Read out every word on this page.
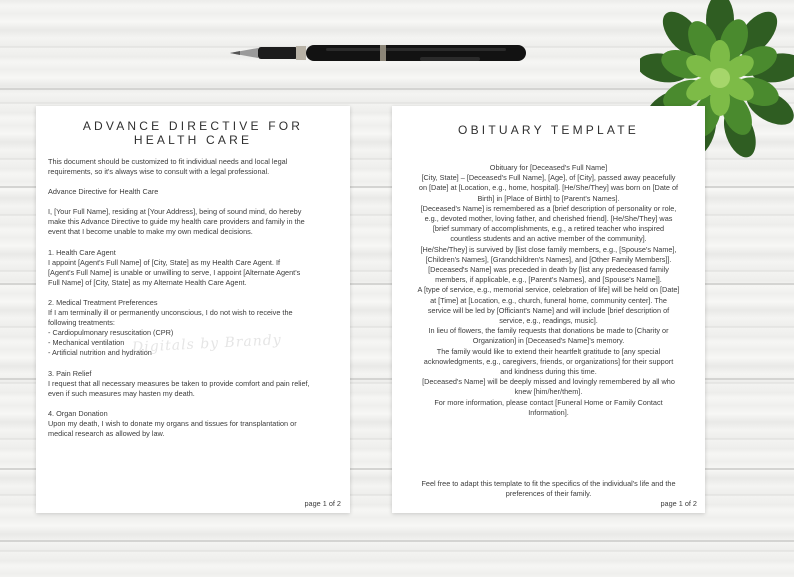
ADVANCE DIRECTIVE FOR
HEALTH CARE

This document should be customized to fit individual needs and local legal
requirements, so it's always wise to consult with a legal professional.

Advance Directive for Health Care

I, [Your Full Name], residing at [Your Address], being of sound mind, do hereby
make this Advance Directive to guide my health care providers and family in the
event that I become unable to make my own medical decisions.

1. Health Care Agent

I appoint [Agent's Full Name] of [City, State] as my Health Care Agent. If
[Agent's Full Name] is unable or unwilling to serve, I appoint [Alternate Agent's
Full Name] of [City, State] as my Alternate Health Care Agent.

2. Medical Treatment Preferences

If I am terminally ill or permanently unconscious, I do not wish to receive the
following treatments:

- Cardiopulmonary resuscitation (CPR)

- Mechanical ventilation

- Artificial nutrition and hydration

3. Pain Relief

I request that all necessary measures be taken to provide comfort and pain relief,
even if such measures may hasten my death.

4. Organ Donation

Upon my death, I wish to donate my organs and tissues for transplantation or
medical research as allowed by law.

Digitals by Brandy
page 1 of 2
OBITUARY TEMPLATE

Obituary for [Deceased's Full Name]

[City, State] – [Deceased's Full Name], [Age], of [City], passed away peacefully
on [Date] at [Location, e.g., home, hospital]. [He/She/They] was born on [Date of
Birth] in [Place of Birth] to [Parent's Names].

[Deceased's Name] is remembered as a [brief description of personality or role,
e.g., devoted mother, loving father, and cherished friend]. [He/She/They] was
[brief summary of accomplishments, e.g., a retired teacher who inspired
countless students and an active member of the community].

[He/She/They] is survived by [list close family members, e.g., [Spouse's Name],
[Children's Names], [Grandchildren's Names], and [Other Family Members]].
[Deceased's Name] was preceded in death by [list any predeceased family
members, if applicable, e.g., [Parent's Names], and [Spouse's Name]].

A [type of service, e.g., memorial service, celebration of life] will be held on [Date]
at [Time] at [Location, e.g., church, funeral home, community center]. The
service will be led by [Officiant's Name] and will include [brief description of
service, e.g., readings, music].

In lieu of flowers, the family requests that donations be made to [Charity or
Organization] in [Deceased's Name]'s memory.

The family would like to extend their heartfelt gratitude to [any special
acknowledgments, e.g., caregivers, friends, or organizations] for their support
and kindness during this time.

[Deceased's Name] will be deeply missed and lovingly remembered by all who
knew [him/her/them].

For more information, please contact [Funeral Home or Family Contact
Information].

Feel free to adapt this template to fit the specifics of the individual's life and the preferences of their family.
page 1 of 2
